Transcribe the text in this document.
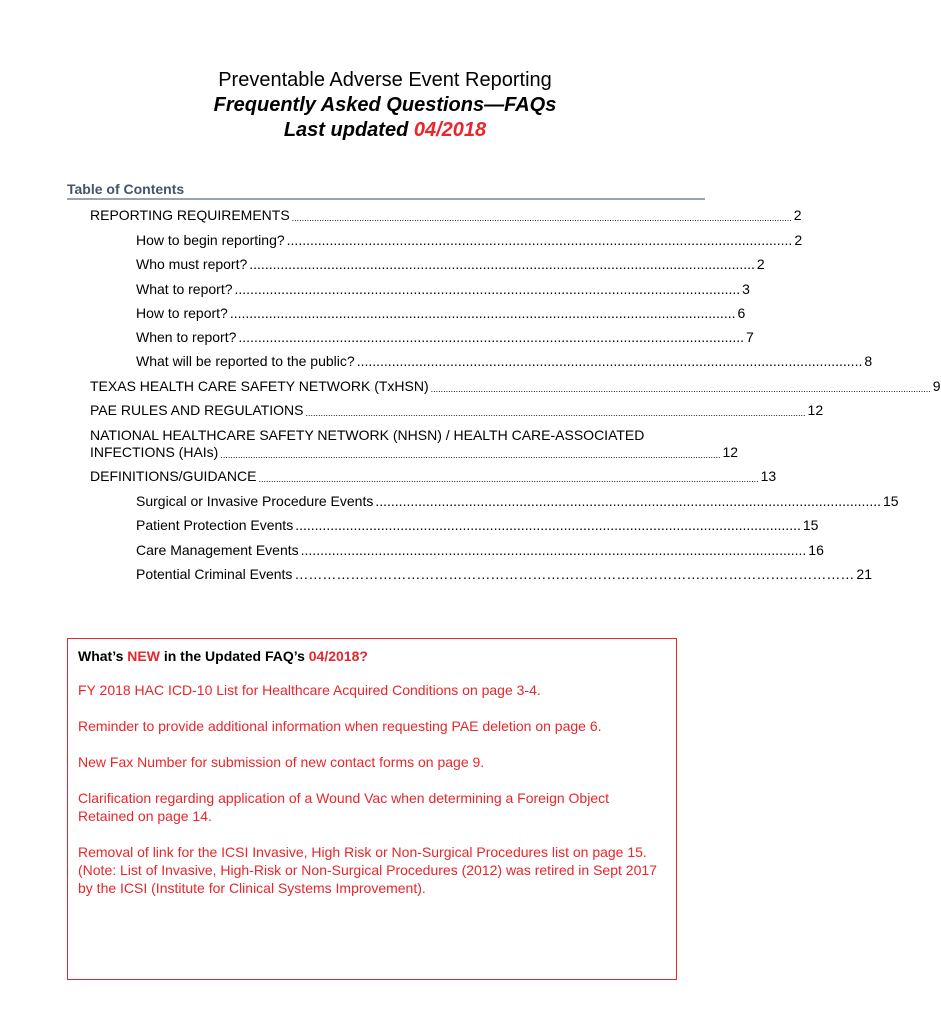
Preventable Adverse Event Reporting
Frequently Asked Questions—FAQs
Last updated 04/2018
Table of Contents
REPORTING REQUIREMENTS ........................................................................................................................................................................................................ 2
How to begin reporting? .................................................................................................................................. 2
Who must report? .................................................................................................................................. 2
What to report? .................................................................................................................................. 3
How to report? .................................................................................................................................. 6
When to report? .................................................................................................................................. 7
What will be reported to the public? .................................................................................................................................. 8
TEXAS HEALTH CARE SAFETY NETWORK (TxHSN) ........................................................................................................................................................................................................ 9
PAE RULES AND REGULATIONS ........................................................................................................................................................................................................ 12
NATIONAL HEALTHCARE SAFETY NETWORK (NHSN) / HEALTH CARE-ASSOCIATED
INFECTIONS (HAIs) ........................................................................................................................................................................................................ 12
DEFINITIONS/GUIDANCE ........................................................................................................................................................................................................ 13
Surgical or Invasive Procedure Events .................................................................................................................................. 15
Patient Protection Events .................................................................................................................................. 15
Care Management Events .................................................................................................................................. 16
Potential Criminal Events ………………………………………………………………………………………………………… 21
What’s NEW in the Updated FAQ’s 04/2018?
FY 2018 HAC ICD-10 List for Healthcare Acquired Conditions on page 3-4.
Reminder to provide additional information when requesting PAE deletion on page 6.
New Fax Number for submission of new contact forms on page 9.
Clarification regarding application of a Wound Vac when determining a Foreign Object Retained on page 14.
Removal of link for the ICSI Invasive, High Risk or Non-Surgical Procedures list on page 15. (Note: List of Invasive, High-Risk or Non-Surgical Procedures (2012) was retired in Sept 2017 by the ICSI (Institute for Clinical Systems Improvement).
